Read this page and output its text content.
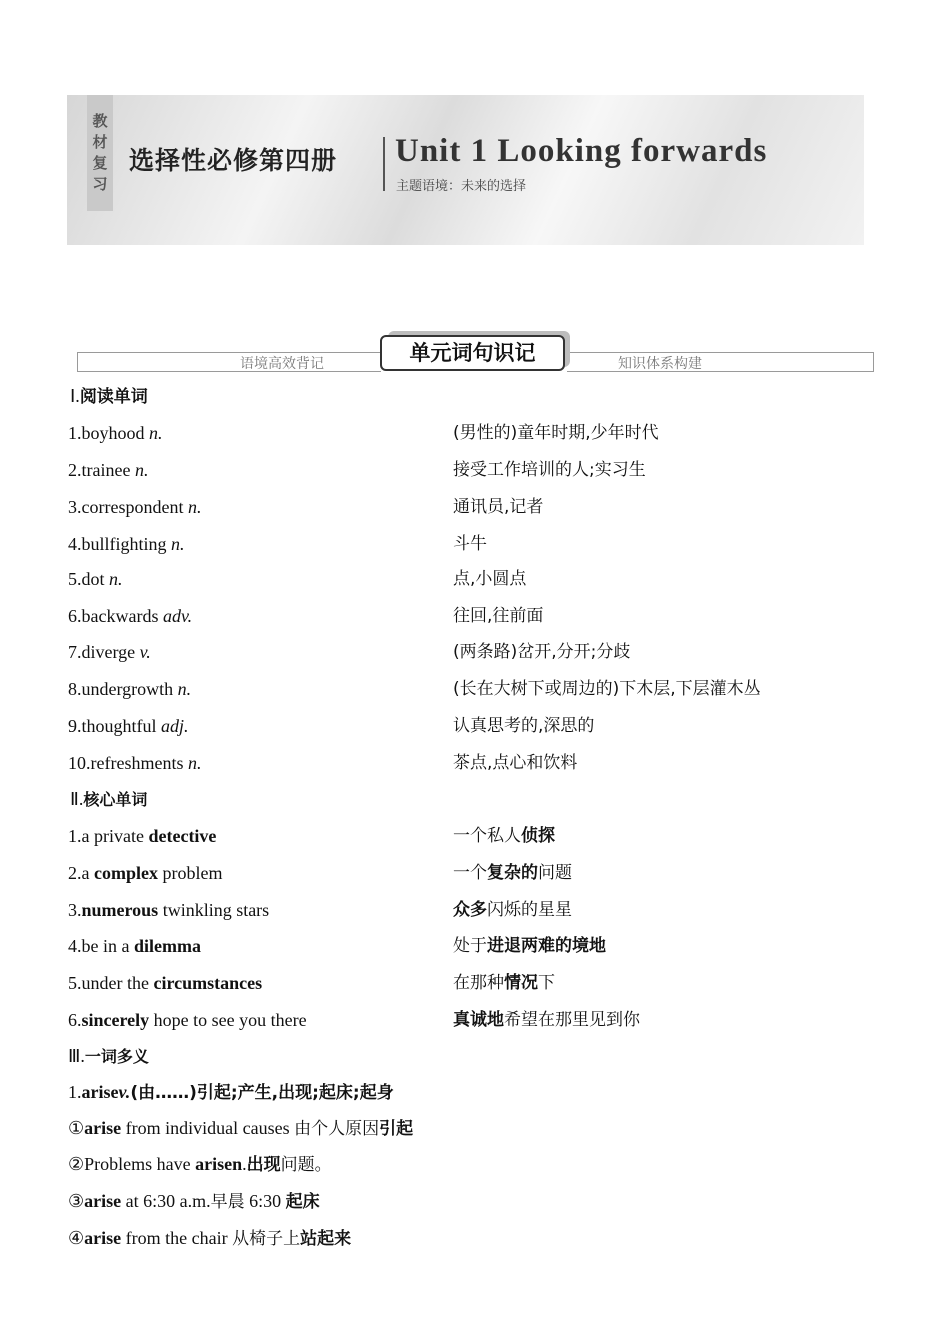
教
材
复
习
选择性必修第四册 Unit 1 Looking forwards
主题语境：未来的选择
语境高效背记	知识体系构建
单元词句识记
Ⅰ.阅读单词
1.boyhood n.	(男性的)童年时期,少年时代
2.trainee n.	接受工作培训的人;实习生
3.correspondent n.	通讯员,记者
4.bullfighting n.	斗牛
5.dot n.	点,小圆点
6.backwards adv.	往回,往前面
7.diverge v.	(两条路)岔开,分开;分歧
8.undergrowth n.	(长在大树下或周边的)下木层,下层灌木丛
9.thoughtful adj.	认真思考的,深思的
10.refreshments n.	茶点,点心和饮料
Ⅱ.核心单词
1.a private detective	一个私人侦探
2.a complex problem	一个复杂的问题
3.numerous twinkling stars	众多闪烁的星星
4.be in a dilemma	处于进退两难的境地
5.under the circumstances	在那种情况下
6.sincerely hope to see you there	真诚地希望在那里见到你
Ⅲ.一词多义
1.arisev.(由……)引起;产生,出现;起床;起身
①arise from individual causes 由个人原因引起
②Problems have arisen.出现问题。
③arise at 6:30 a.m.早晨 6:30 起床
④arise from the chair 从椅子上站起来
